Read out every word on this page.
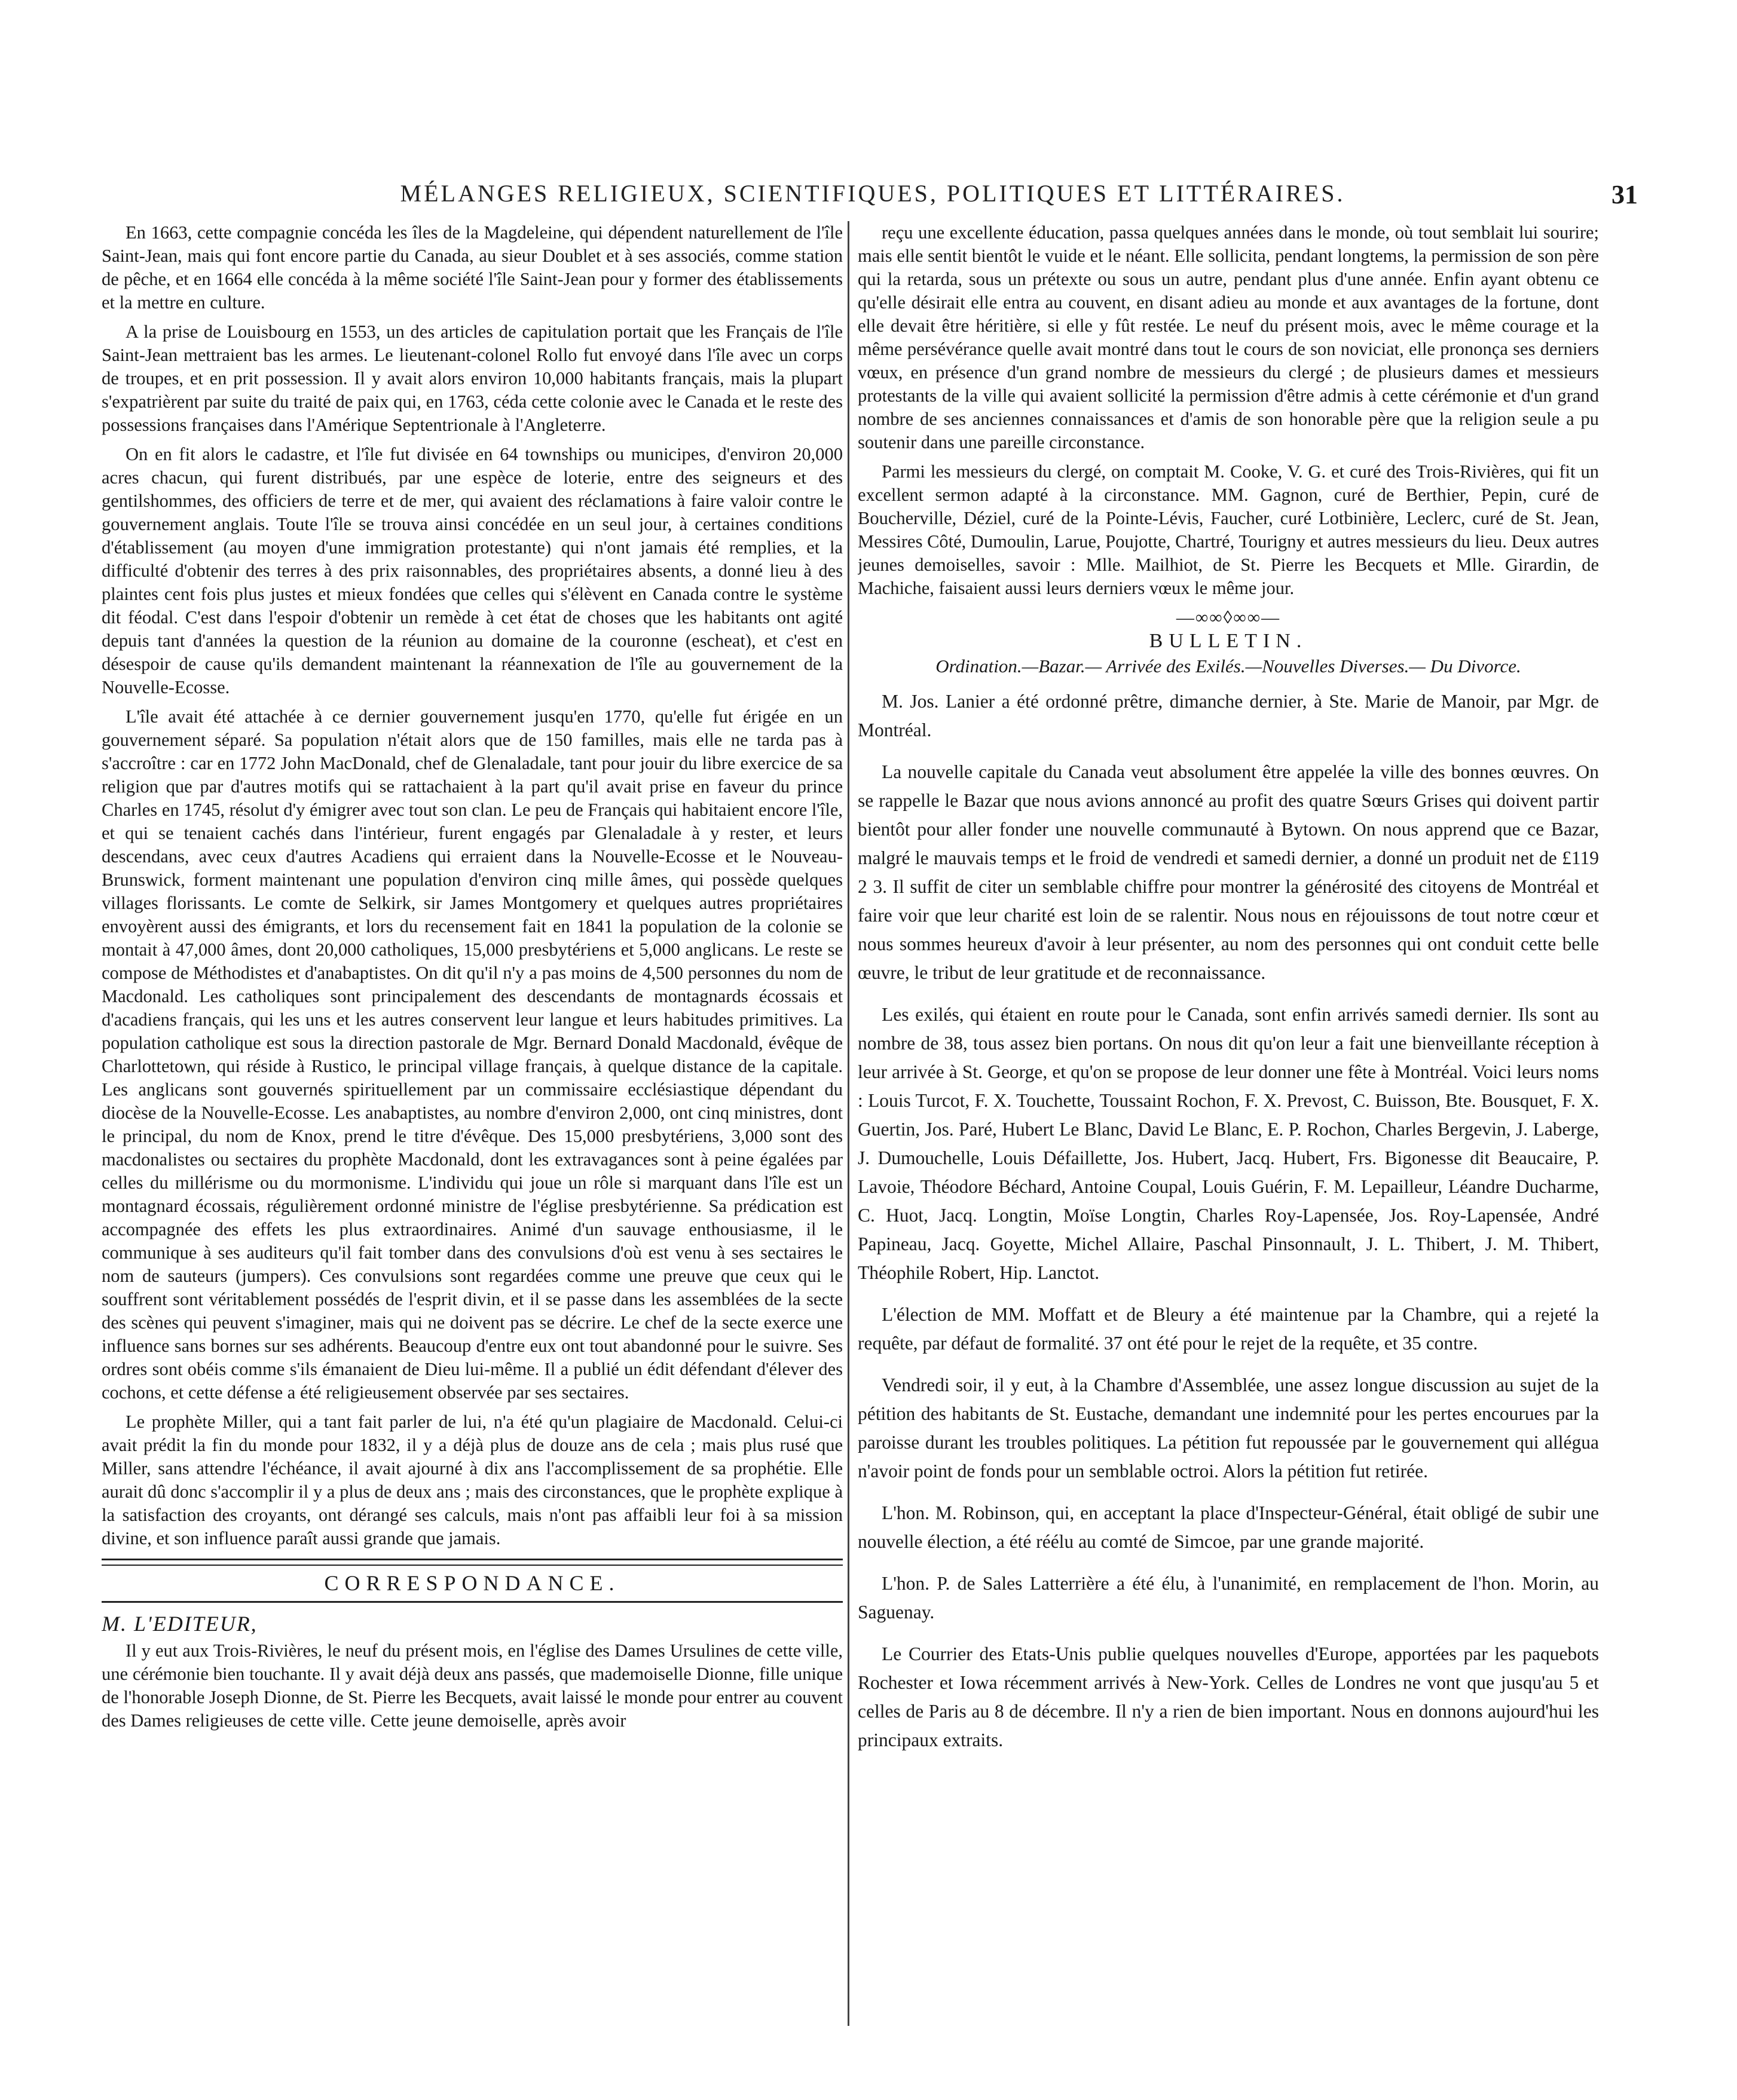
MÉLANGES RELIGIEUX, SCIENTIFIQUES, POLITIQUES ET LITTÉRAIRES.	31

En 1663, cette compagnie concéda les îles de la Magdeleine, qui dépendent naturellement de l'île Saint-Jean, mais qui font encore partie du Canada, au sieur Doublet et à ses associés, comme station de pêche, et en 1664 elle concéda à la même société l'île Saint-Jean pour y former des établissements et la mettre en culture.

A la prise de Louisbourg en 1553, un des articles de capitulation portait que les Français de l'île Saint-Jean mettraient bas les armes. Le lieutenant-colonel Rollo fut envoyé dans l'île avec un corps de troupes, et en prit possession. Il y avait alors environ 10,000 habitants français, mais la plupart s'expatrièrent par suite du traité de paix qui, en 1763, céda cette colonie avec le Canada et le reste des possessions françaises dans l'Amérique Septentrionale à l'Angleterre.

On en fit alors le cadastre, et l'île fut divisée en 64 townships ou municipes, d'environ 20,000 acres chacun, qui furent distribués, par une espèce de loterie, entre des seigneurs et des gentilshommes, des officiers de terre et de mer, qui avaient des réclamations à faire valoir contre le gouvernement anglais. Toute l'île se trouva ainsi concédée en un seul jour, à certaines conditions d'établissement (au moyen d'une immigration protestante) qui n'ont jamais été remplies, et la difficulté d'obtenir des terres à des prix raisonnables, des propriétaires absents, a donné lieu à des plaintes cent fois plus justes et mieux fondées que celles qui s'élèvent en Canada contre le système dit féodal. C'est dans l'espoir d'obtenir un remède à cet état de choses que les habitants ont agité depuis tant d'années la question de la réunion au domaine de la couronne (escheat), et c'est en désespoir de cause qu'ils demandent maintenant la réannexation de l'île au gouvernement de la Nouvelle-Ecosse.

L'île avait été attachée à ce dernier gouvernement jusqu'en 1770, qu'elle fut érigée en un gouvernement séparé. Sa population n'était alors que de 150 familles, mais elle ne tarda pas à s'accroître : car en 1772 John MacDonald, chef de Glenaladale, tant pour jouir du libre exercice de sa religion que par d'autres motifs qui se rattachaient à la part qu'il avait prise en faveur du prince Charles en 1745, résolut d'y émigrer avec tout son clan. Le peu de Français qui habitaient encore l'île, et qui se tenaient cachés dans l'intérieur, furent engagés par Glenaladale à y rester, et leurs descendans, avec ceux d'autres Acadiens qui erraient dans la Nouvelle-Ecosse et le Nouveau-Brunswick, forment maintenant une population d'environ cinq mille âmes, qui possède quelques villages florissants. Le comte de Selkirk, sir James Montgomery et quelques autres propriétaires envoyèrent aussi des émigrants, et lors du recensement fait en 1841 la population de la colonie se montait à 47,000 âmes, dont 20,000 catholiques, 15,000 presbytériens et 5,000 anglicans. Le reste se compose de Méthodistes et d'anabaptistes. On dit qu'il n'y a pas moins de 4,500 personnes du nom de Macdonald. Les catholiques sont principalement des descendants de montagnards écossais et d'acadiens français, qui les uns et les autres conservent leur langue et leurs habitudes primitives. La population catholique est sous la direction pastorale de Mgr. Bernard Donald Macdonald, évêque de Charlottetown, qui réside à Rustico, le principal village français, à quelque distance de la capitale. Les anglicans sont gouvernés spirituellement par un commissaire ecclésiastique dépendant du diocèse de la Nouvelle-Ecosse. Les anabaptistes, au nombre d'environ 2,000, ont cinq ministres, dont le principal, du nom de Knox, prend le titre d'évêque. Des 15,000 presbytériens, 3,000 sont des macdonalistes ou sectaires du prophète Macdonald, dont les extravagances sont à peine égalées par celles du millérisme ou du mormonisme. L'individu qui joue un rôle si marquant dans l'île est un montagnard écossais, régulièrement ordonné ministre de l'église presbytérienne. Sa prédication est accompagnée des effets les plus extraordinaires. Animé d'un sauvage enthousiasme, il le communique à ses auditeurs qu'il fait tomber dans des convulsions d'où est venu à ses sectaires le nom de sauteurs (jumpers). Ces convulsions sont regardées comme une preuve que ceux qui le souffrent sont véritablement possédés de l'esprit divin, et il se passe dans les assemblées de la secte des scènes qui peuvent s'imaginer, mais qui ne doivent pas se décrire. Le chef de la secte exerce une influence sans bornes sur ses adhérents. Beaucoup d'entre eux ont tout abandonné pour le suivre. Ses ordres sont obéis comme s'ils émanaient de Dieu lui-même. Il a publié un édit défendant d'élever des cochons, et cette défense a été religieusement observée par ses sectaires.

Le prophète Miller, qui a tant fait parler de lui, n'a été qu'un plagiaire de Macdonald. Celui-ci avait prédit la fin du monde pour 1832, il y a déjà plus de douze ans de cela ; mais plus rusé que Miller, sans attendre l'échéance, il avait ajourné à dix ans l'accomplissement de sa prophétie. Elle aurait dû donc s'accomplir il y a plus de deux ans ; mais des circonstances, que le prophète explique à la satisfaction des croyants, ont dérangé ses calculs, mais n'ont pas affaibli leur foi à sa mission divine, et son influence paraît aussi grande que jamais.

CORRESPONDANCE.
M. L'EDITEUR,

Il y eut aux Trois-Rivières, le neuf du présent mois, en l'église des Dames Ursulines de cette ville, une cérémonie bien touchante. Il y avait déjà deux ans passés, que mademoiselle Dionne, fille unique de l'honorable Joseph Dionne, de St. Pierre les Becquets, avait laissé le monde pour entrer au couvent des Dames religieuses de cette ville. Cette jeune demoiselle, après avoir

reçu une excellente éducation, passa quelques années dans le monde, où tout semblait lui sourire; mais elle sentit bientôt le vuide et le néant. Elle sollicita, pendant longtems, la permission de son père qui la retarda, sous un prétexte ou sous un autre, pendant plus d'une année. Enfin ayant obtenu ce qu'elle désirait elle entra au couvent, en disant adieu au monde et aux avantages de la fortune, dont elle devait être héritière, si elle y fût restée. Le neuf du présent mois, avec le même courage et la même persévérance quelle avait montré dans tout le cours de son noviciat, elle prononça ses derniers vœux, en présence d'un grand nombre de messieurs du clergé ; de plusieurs dames et messieurs protestants de la ville qui avaient sollicité la permission d'être admis à cette cérémonie et d'un grand nombre de ses anciennes connaissances et d'amis de son honorable père que la religion seule a pu soutenir dans une pareille circonstance.

Parmi les messieurs du clergé, on comptait M. Cooke, V. G. et curé des Trois-Rivières, qui fit un excellent sermon adapté à la circonstance. MM. Gagnon, curé de Berthier, Pepin, curé de Boucherville, Déziel, curé de la Pointe-Lévis, Faucher, curé Lotbinière, Leclerc, curé de St. Jean, Messires Côté, Dumoulin, Larue, Poujotte, Chartré, Tourigny et autres messieurs du lieu. Deux autres jeunes demoiselles, savoir : Mlle. Mailhiot, de St. Pierre les Becquets et Mlle. Girardin, de Machiche, faisaient aussi leurs derniers vœux le même jour.

—∞∞◊∞∞—
BULLETIN.
Ordination.—Bazar.— Arrivée des Exilés.—Nouvelles Diverses.— Du Divorce.

M. Jos. Lanier a été ordonné prêtre, dimanche dernier, à Ste. Marie de Manoir, par Mgr. de Montréal.

La nouvelle capitale du Canada veut absolument être appelée la ville des bonnes œuvres. On se rappelle le Bazar que nous avions annoncé au profit des quatre Sœurs Grises qui doivent partir bientôt pour aller fonder une nouvelle communauté à Bytown. On nous apprend que ce Bazar, malgré le mauvais temps et le froid de vendredi et samedi dernier, a donné un produit net de £119 2 3. Il suffit de citer un semblable chiffre pour montrer la générosité des citoyens de Montréal et faire voir que leur charité est loin de se ralentir. Nous nous en réjouissons de tout notre cœur et nous sommes heureux d'avoir à leur présenter, au nom des personnes qui ont conduit cette belle œuvre, le tribut de leur gratitude et de reconnaissance.

Les exilés, qui étaient en route pour le Canada, sont enfin arrivés samedi dernier. Ils sont au nombre de 38, tous assez bien portans. On nous dit qu'on leur a fait une bienveillante réception à leur arrivée à St. George, et qu'on se propose de leur donner une fête à Montréal. Voici leurs noms : Louis Turcot, F. X. Touchette, Toussaint Rochon, F. X. Prevost, C. Buisson, Bte. Bousquet, F. X. Guertin, Jos. Paré, Hubert Le Blanc, David Le Blanc, E. P. Rochon, Charles Bergevin, J. Laberge, J. Dumouchelle, Louis Défaillette, Jos. Hubert, Jacq. Hubert, Frs. Bigonesse dit Beaucaire, P. Lavoie, Théodore Béchard, Antoine Coupal, Louis Guérin, F. M. Lepailleur, Léandre Ducharme, C. Huot, Jacq. Longtin, Moïse Longtin, Charles Roy-Lapensée, Jos. Roy-Lapensée, André Papineau, Jacq. Goyette, Michel Allaire, Paschal Pinsonnault, J. L. Thibert, J. M. Thibert, Théophile Robert, Hip. Lanctot.

L'élection de MM. Moffatt et de Bleury a été maintenue par la Chambre, qui a rejeté la requête, par défaut de formalité. 37 ont été pour le rejet de la requête, et 35 contre.

Vendredi soir, il y eut, à la Chambre d'Assemblée, une assez longue discussion au sujet de la pétition des habitants de St. Eustache, demandant une indemnité pour les pertes encourues par la paroisse durant les troubles politiques. La pétition fut repoussée par le gouvernement qui allégua n'avoir point de fonds pour un semblable octroi. Alors la pétition fut retirée.

L'hon. M. Robinson, qui, en acceptant la place d'Inspecteur-Général, était obligé de subir une nouvelle élection, a été réélu au comté de Simcoe, par une grande majorité.

L'hon. P. de Sales Latterrière a été élu, à l'unanimité, en remplacement de l'hon. Morin, au Saguenay.

Le Courrier des Etats-Unis publie quelques nouvelles d'Europe, apportées par les paquebots Rochester et Iowa récemment arrivés à New-York. Celles de Londres ne vont que jusqu'au 5 et celles de Paris au 8 de décembre. Il n'y a rien de bien important. Nous en donnons aujourd'hui les principaux extraits.
